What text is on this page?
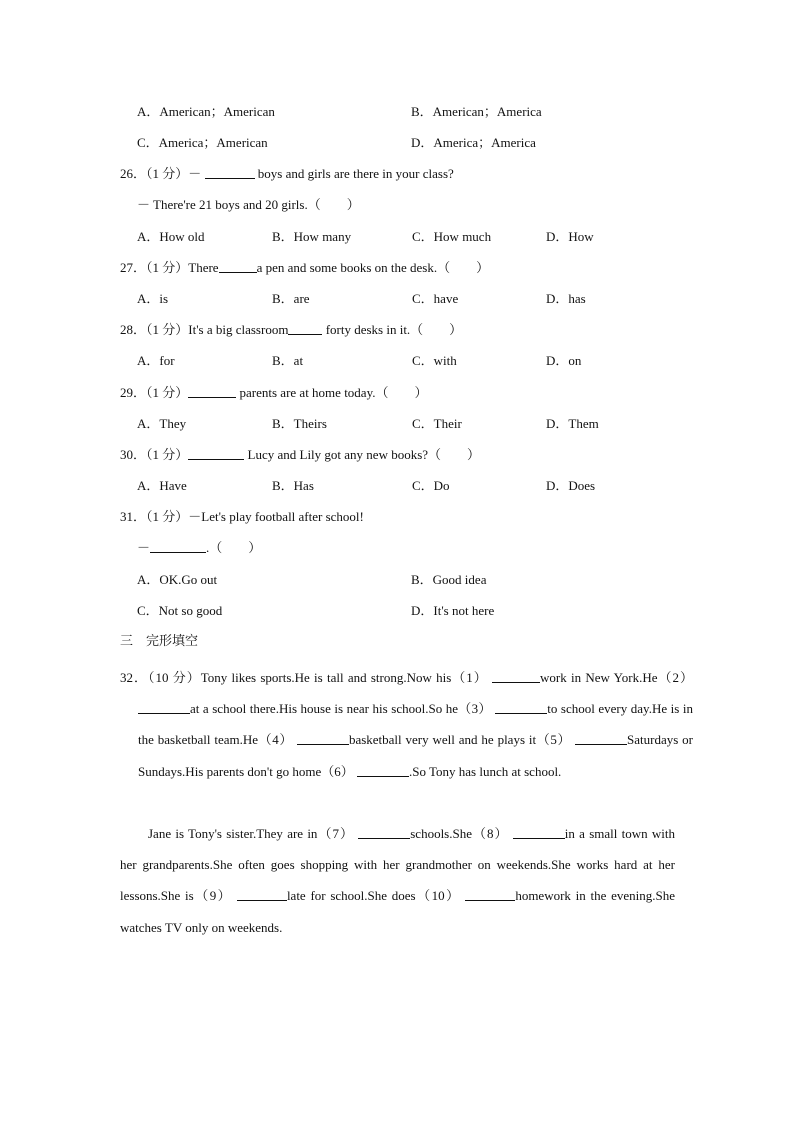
A．American；American	B．American；America
C．America；American	D．America；America
26．（1 分）－	boys and girls are there in your class?
－ There're 21 boys and 20 girls.（　　）
A．How old	B．How many	C．How much	D．How
27．（1 分）There	a pen and some books on the desk.（　　）
A．is	B．are	C．have	D．has
28．（1 分）It's a big classroom	forty desks in it.（　　）
A．for	B．at	C．with	D．on
29．（1 分）	parents are at home today.（　　）
A．They	B．Theirs	C．Their	D．Them
30．（1 分）	Lucy and Lily got any new books?（　　）
A．Have	B．Has	C．Do	D．Does
31．（1 分）－Let's play football after school!
－	.（　　）
A．OK.Go out	B．Good idea
C．Not so good	D．It's not here
三　完形填空
32．（10 分）Tony likes sports.He is tall and strong.Now his（1）	work in New York.He（2） at a school there.His house is near his school.So he（3）	to school every day.He is in the basketball team.He（4）	basketball very well and he plays it（5）	Saturdays or Sundays.His parents don't go home（6）	.So Tony has lunch at school.
Jane is Tony's sister.They are in（7）	schools.She（8）	in a small town with her grandparents.She often goes shopping with her grandmother on weekends.She works hard at her lessons.She is（9）	late for school.She does（10）	homework in the evening.She watches TV only on weekends.
